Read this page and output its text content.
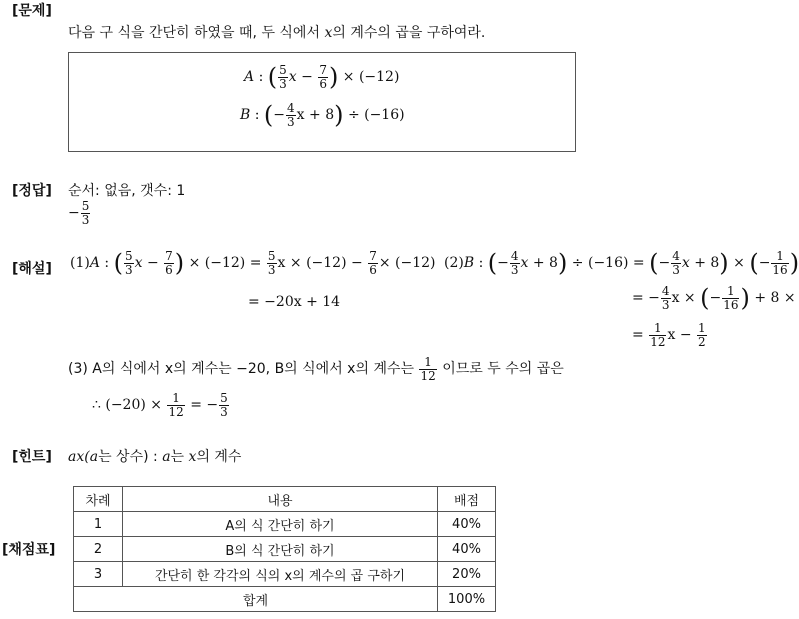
[문제]
[정답]
[해설]
[힌트]
[채점표]
다음 구 식을 간단히 하였을 때, 두 식에서 x의 계수의 곱을 구하여라.
A : ( $\frac{5}{3}$ $x - \frac{7}{6}$ ) × (−12)
B : (− $\frac{4}{3}$ x + 8) ÷ (−16)
순서: 없음, 갯수: 1
− $\frac{5}{3}$
(1)A : ( $\frac{5}{3}$ $x - \frac{7}{6}$ ) × $(-12) = \frac{5}{3}$ $x \times (-12) - \frac{7}{6} \times (-12)$ (2)B : (− $\frac{4}{3}$ x + 8) ÷ (−16) = (− $\frac{4}{3}$ x + 8) × (− $\frac{1}{16}$ )
= −20x + 14	= − $\frac{4}{3}$ x × (− $\frac{1}{16}$ ) + 8 ×
= $\frac{1}{12}$ $x - \frac{1}{2}$
(3) A의 식에서 x의 계수는 −20, B의 식에서 x의 계수는 $\frac{1}{12}$ 이므로 두 수의 곱은
∴ $(-20) \times \frac{1}{12}$ = − $\frac{5}{3}$
ax(a는 상수) : a는 x의 계수
차례	내용	배점
1	A의 식 간단히 하기	40%
2	B의 식 간단히 하기	40%
3	간단히 한 각각의 식의 x의 계수의 곱 구하기	20%
합계		100%
